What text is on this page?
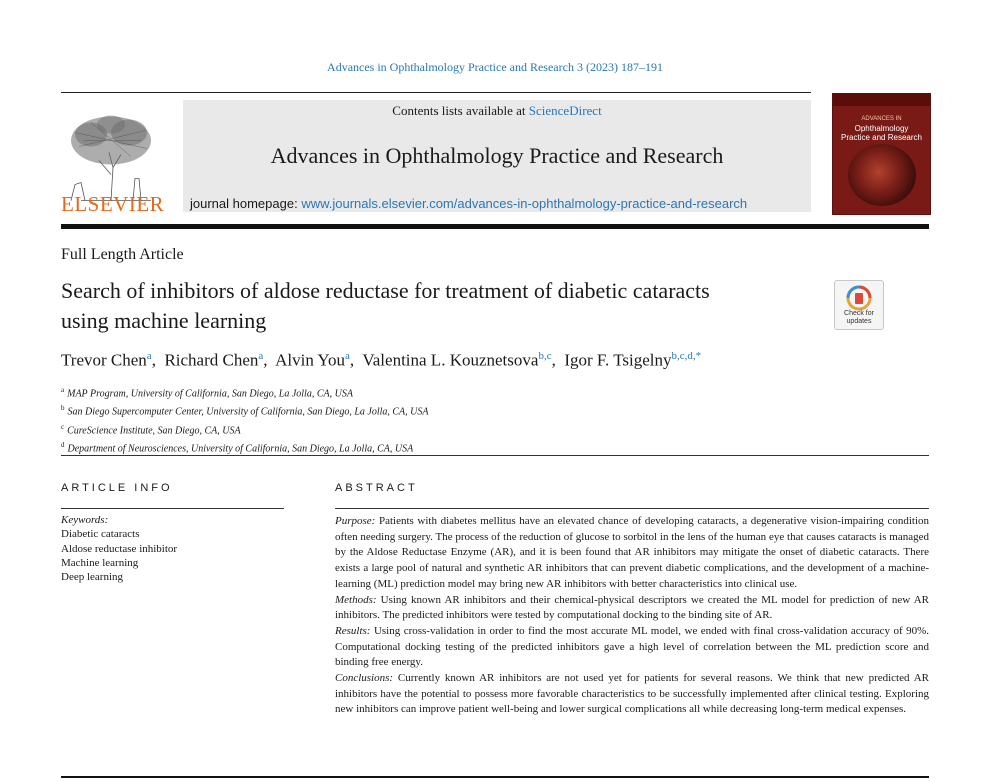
Advances in Ophthalmology Practice and Research 3 (2023) 187–191
ELSEVIER
Contents lists available at ScienceDirect
Advances in Ophthalmology Practice and Research
journal homepage: www.journals.elsevier.com/advances-in-ophthalmology-practice-and-research
ADVANCES IN
Ophthalmology
Practice and Research
Full Length Article
Search of inhibitors of aldose reductase for treatment of diabetic cataracts
using machine learning	Check for
updates
Trevor Chen$^a$,  Richard Chen$^a$,  Alvin You$^a$,  Valentina L. Kouznetsova$^{b,c}$,  Igor F. Tsigelny$^{b,c,d,*}$
$^a$ MAP Program, University of California, San Diego, La Jolla, CA, USA
$^b$ San Diego Supercomputer Center, University of California, San Diego, La Jolla, CA, USA
$^c$ CureScience Institute, San Diego, CA, USA
$^d$ Department of Neurosciences, University of California, San Diego, La Jolla, CA, USA
ARTICLE INFO	ABSTRACT
Keywords:
Diabetic cataracts
Aldose reductase inhibitor
Machine learning
Deep learning

Purpose: Patients with diabetes mellitus have an elevated chance of developing cataracts, a degenerative vision-impairing condition often needing surgery. The process of the reduction of glucose to sorbitol in the lens of the human eye that causes cataracts is managed by the Aldose Reductase Enzyme (AR), and it is been found that AR inhibitors may mitigate the onset of diabetic cataracts. There exists a large pool of natural and synthetic AR inhibitors that can prevent diabetic complications, and the development of a machine-learning (ML) prediction model may bring new AR inhibitors with better characteristics into clinical use.

Methods: Using known AR inhibitors and their chemical-physical descriptors we created the ML model for prediction of new AR inhibitors. The predicted inhibitors were tested by computational docking to the binding site of AR.

Results: Using cross-validation in order to find the most accurate ML model, we ended with final cross-validation accuracy of 90%. Computational docking testing of the predicted inhibitors gave a high level of correlation between the ML prediction score and binding free energy.

Conclusions: Currently known AR inhibitors are not used yet for patients for several reasons. We think that new predicted AR inhibitors have the potential to possess more favorable characteristics to be successfully implemented after clinical testing. Exploring new inhibitors can improve patient well-being and lower surgical complications all while decreasing long-term medical expenses.
